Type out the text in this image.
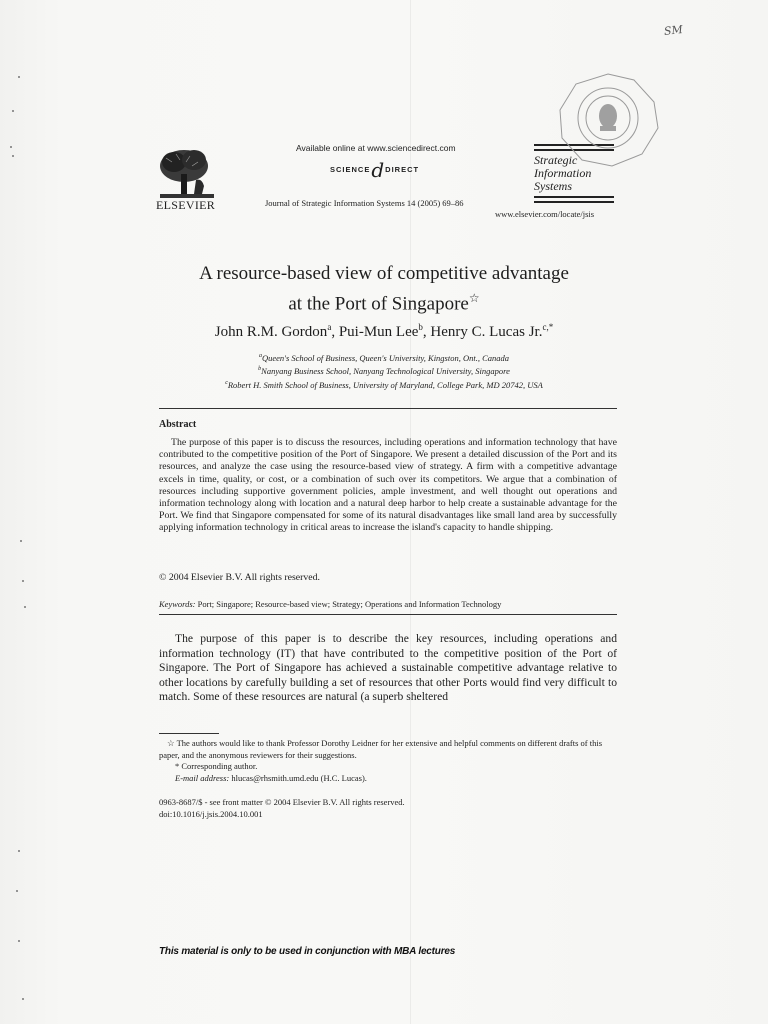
SM
ELSEVIER
Available online at www.sciencedirect.com
SCIENCEdDIRECT
Journal of Strategic Information Systems 14 (2005) 69–86
www.elsevier.com/locate/jsis
Strategic
Information
Systems
A resource-based view of competitive advantage
at the Port of Singapore☆
John R.M. Gordon$^a$, Pui-Mun Lee$^b$, Henry C. Lucas Jr.$^{c,*}$
$^a$Queen's School of Business, Queen's University, Kingston, Ont., Canada
$^b$Nanyang Business School, Nanyang Technological University, Singapore
$^c$Robert H. Smith School of Business, University of Maryland, College Park, MD 20742, USA
Abstract
The purpose of this paper is to discuss the resources, including operations and information technology that have contributed to the competitive position of the Port of Singapore. We present a detailed discussion of the Port and its resources, and analyze the case using the resource-based view of strategy. A firm with a competitive advantage excels in time, quality, or cost, or a combination of such over its competitors. We argue that a combination of resources including supportive government policies, ample investment, and well thought out operations and information technology along with location and a natural deep harbor to help create a sustainable advantage for the Port. We find that Singapore compensated for some of its natural disadvantages like small land area by successfully applying information technology in critical areas to increase the island's capacity to handle shipping.
© 2004 Elsevier B.V. All rights reserved.
Keywords: Port; Singapore; Resource-based view; Strategy; Operations and Information Technology
The purpose of this paper is to describe the key resources, including operations and information technology (IT) that have contributed to the competitive position of the Port of Singapore. The Port of Singapore has achieved a sustainable competitive advantage relative to other locations by carefully building a set of resources that other Ports would find very difficult to match. Some of these resources are natural (a superb sheltered
☆ The authors would like to thank Professor Dorothy Leidner for her extensive and helpful comments on different drafts of this paper, and the anonymous reviewers for their suggestions.
* Corresponding author.
E-mail address: hlucas@rhsmith.umd.edu (H.C. Lucas).
0963-8687/$ - see front matter © 2004 Elsevier B.V. All rights reserved.
doi:10.1016/j.jsis.2004.10.001
This material is only to be used in conjunction with MBA lectures
